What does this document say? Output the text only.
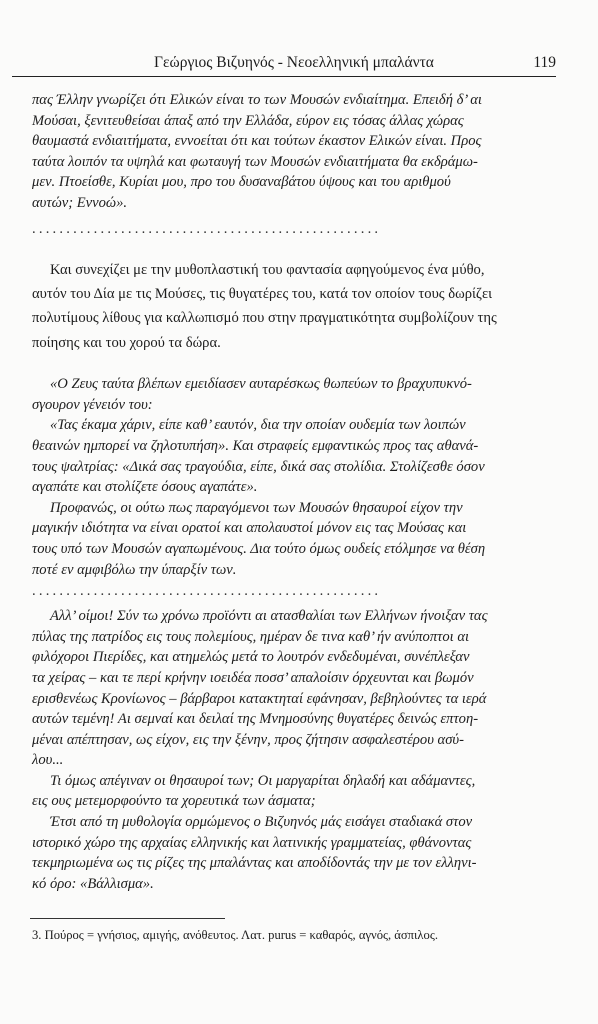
Γεώργιος Βιζυηνός - Νεοελληνική μπαλάντα	119

πας Έλλην γνωρίζει ότι Ελικών είναι το των Μουσών ενδιαίτημα. Επειδή δ’ αι

Μούσαι, ξενιτευθείσαι άπαξ από την Ελλάδα, εύρον εις τόσας άλλας χώρας

θαυμαστά ενδιαιτήματα, εννοείται ότι και τούτων έκαστον Ελικών είναι. Προς

ταύτα λοιπόν τα υψηλά και φωταυγή των Μουσών ενδιαιτήματα θα εκδράμω-

μεν. Πτοείσθε, Κυρίαι μου, προ του δυσαναβάτου ύψους και του αριθμού

αυτών; Εννοώ».

...................................................

Και συνεχίζει με την μυθοπλαστική του φαντασία αφηγούμενος ένα μύθο,

αυτόν του Δία με τις Μούσες, τις θυγατέρες του, κατά τον οποίον τους δωρίζει

πολυτίμους λίθους για καλλωπισμό που στην πραγματικότητα συμβολίζουν της

ποίησης και του χορού τα δώρα.

«Ο Ζευς ταύτα βλέπων εμειδίασεν αυταρέσκως θωπεύων το βραχυπυκνό-

σγουρον γένειόν του:

«Τας έκαμα χάριν, είπε καθ’ εαυτόν, δια την οποίαν ουδεμία των λοιπών

θεαινών ημπορεί να ζηλοτυπήση». Και στραφείς εμφαντικώς προς τας αθανά-

τους ψαλτρίας: «Δικά σας τραγούδια, είπε, δικά σας στολίδια. Στολίζεσθε όσον

αγαπάτε και στολίζετε όσους αγαπάτε».

Προφανώς, οι ούτω πως παραγόμενοι των Μουσών θησαυροί είχον την

μαγικήν ιδιότητα να είναι ορατοί και απολαυστοί μόνον εις τας Μούσας και

τους υπό των Μουσών αγαπωμένους. Δια τούτο όμως ουδείς ετόλμησε να θέση

ποτέ εν αμφιβόλω την ύπαρξίν των.

...................................................

Αλλ’ οίμοι! Σύν τω χρόνω προϊόντι αι ατασθαλίαι των Ελλήνων ήνοιξαν τας

πύλας της πατρίδος εις τους πολεμίους, ημέραν δε τινα καθ’ ήν ανύποπτοι αι

φιλόχοροι Πιερίδες, και ατημελώς μετά το λουτρόν ενδεδυμέναι, συνέπλεξαν

τα χείρας – και τε περί κρήνην ιοειδέα ποσσ’ απαλοίσιν όρχευνται και βωμόν

ερισθενέως Κρονίωνος – βάρβαροι κατακτηταί εφάνησαν, βεβηλούντες τα ιερά

αυτών τεμένη! Αι σεμναί και δειλαί της Μνημοσύνης θυγατέρες δεινώς επτοη-

μέναι απέπτησαν, ως είχον, εις την ξένην, προς ζήτησιν ασφαλεστέρου ασύ-

λου...

Τι όμως απέγιναν οι θησαυροί των; Οι μαργαρίται δηλαδή και αδάμαντες,

εις ους μετεμορφούντο τα χορευτικά των άσματα;

Έτσι από τη μυθολογία ορμώμενος ο Βιζυηνός μάς εισάγει σταδιακά στον

ιστορικό χώρο της αρχαίας ελληνικής και λατινικής γραμματείας, φθάνοντας

τεκμηριωμένα ως τις ρίζες της μπαλάντας και αποδίδοντάς την με τον ελληνι-

κό όρο: «Βάλλισμα».

3. Πούρος = γνήσιος, αμιγής, ανόθευτος. Λατ. purus = καθαρός, αγνός, άσπιλος.
